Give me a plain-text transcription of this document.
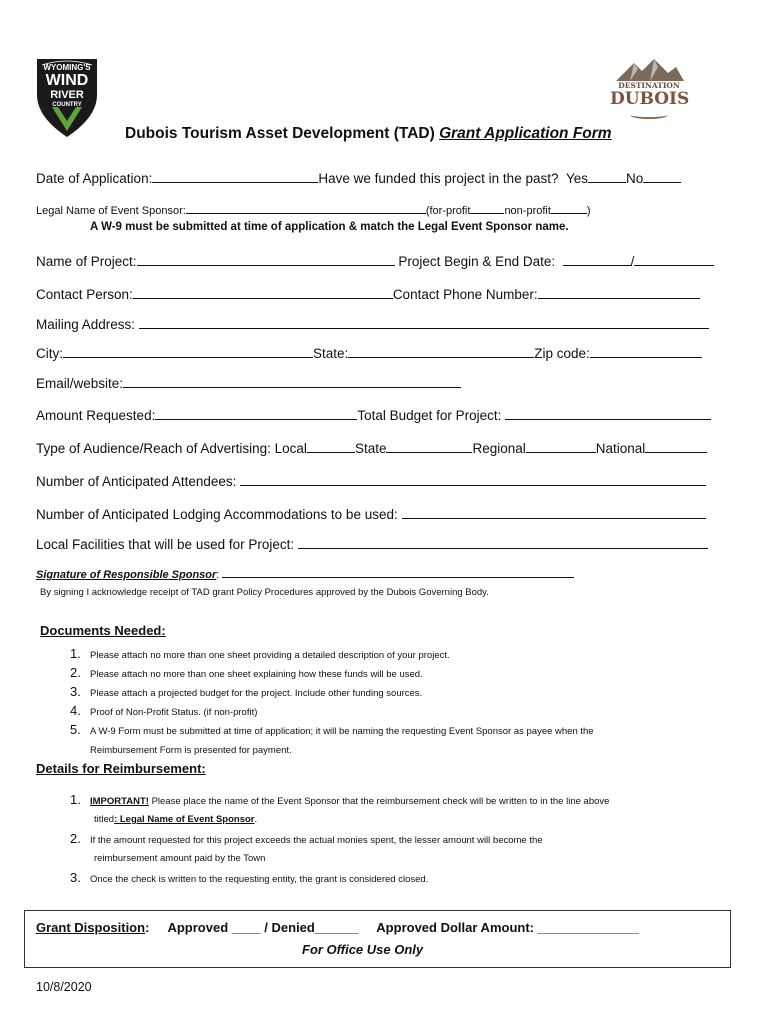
WYOMING'S
WIND
RIVER
COUNTRY
DESTINATION
DUBOIS
Dubois Tourism Asset Development (TAD) Grant Application Form
Date of Application:	Have we funded this project in the past? Yes	No
Legal Name of Event Sponsor:	(for-profit	non-profit	)
A W-9 must be submitted at time of application & match the Legal Event Sponsor name.
Name of Project:	Project Begin & End Date:	/
Contact Person:	Contact Phone Number:
Mailing Address:
City:	State:	Zip code:
Email/website:
Amount Requested:	Total Budget for Project:
Type of Audience/Reach of Advertising: Local	State	Regional	National
Number of Anticipated Attendees:
Number of Anticipated Lodging Accommodations to be used:
Local Facilities that will be used for Project:
Signature of Responsible Sponsor:
By signing I acknowledge receipt of TAD grant Policy Procedures approved by the Dubois Governing Body.
Documents Needed:
1. Please attach no more than one sheet providing a detailed description of your project.
2. Please attach no more than one sheet explaining how these funds will be used.
3. Please attach a projected budget for the project. Include other funding sources.
4. Proof of Non-Profit Status. (if non-profit)
5. A W-9 Form must be submitted at time of application; it will be naming the requesting Event Sponsor as payee when the
Reimbursement Form is presented for payment.
Details for Reimbursement:
1. IMPORTANT! Please place the name of the Event Sponsor that the reimbursement check will be written to in the line above
titled: Legal Name of Event Sponsor.
2. If the amount requested for this project exceeds the actual monies spent, the lesser amount will become the
reimbursement amount paid by the Town
3. Once the check is written to the requesting entity, the grant is considered closed.
Grant Disposition: Approved ____ / Denied______ Approved Dollar Amount: ______________
For Office Use Only
10/8/2020
